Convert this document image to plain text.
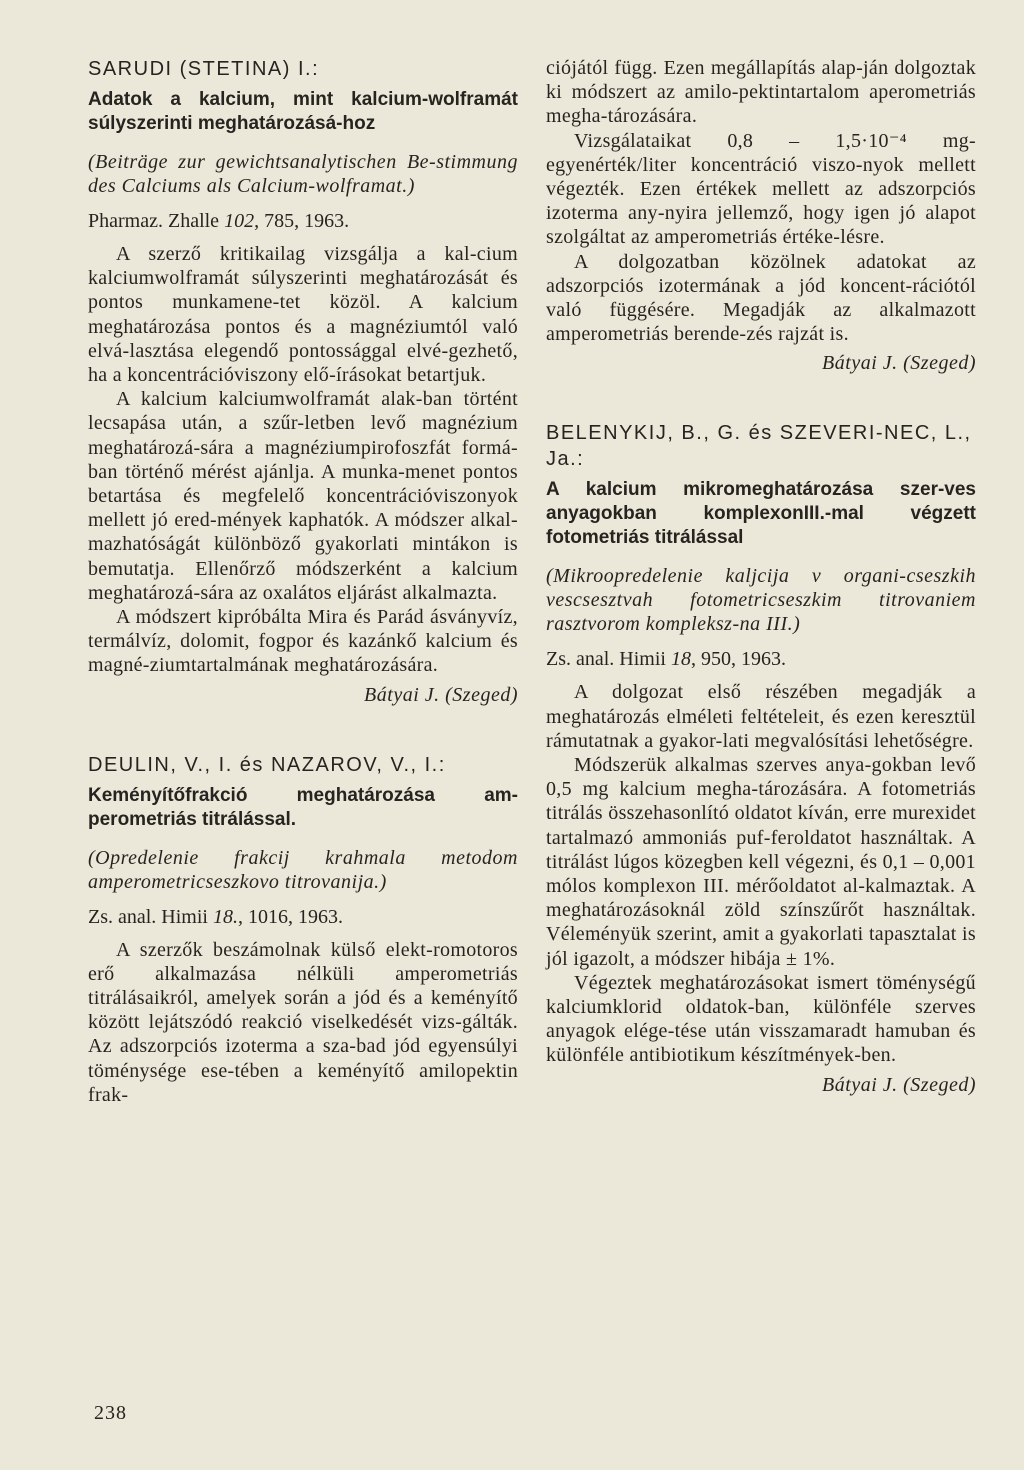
SARUDI (STETINA) I.:
Adatok a kalcium, mint kalcium-wolframát súlyszerinti meghatározásá-hoz
(Beiträge zur gewichtsanalytischen Be-stimmung des Calciums als Calcium-wolframat.)
Pharmaz. Zhalle 102, 785, 1963.

A szerző kritikailag vizsgálja a kal-cium kalciumwolframát súlyszerinti meghatározását és pontos munkamene-tet közöl. A kalcium meghatározása pontos és a magnéziumtól való elvá-lasztása elegendő pontossággal elvé-gezhető, ha a koncentrációviszony elő-írásokat betartjuk.

A kalcium kalciumwolframát alak-ban történt lecsapása után, a szűr-letben levő magnézium meghatározá-sára a magnéziumpirofoszfát formá-ban történő mérést ajánlja. A munka-menet pontos betartása és megfelelő koncentrációviszonyok mellett jó ered-mények kaphatók. A módszer alkal-mazhatóságát különböző gyakorlati mintákon is bemutatja. Ellenőrző módszerként a kalcium meghatározá-sára az oxalátos eljárást alkalmazta.

A módszert kipróbálta Mira és Parád ásványvíz, termálvíz, dolomit, fogpor és kazánkő kalcium és magné-ziumtartalmának meghatározására.

Bátyai J. (Szeged)
DEULIN, V., I. és NAZAROV, V., I.:
Keményítőfrakció meghatározása am-perometriás titrálással.
(Opredelenie frakcij krahmala metodom amperometricseszkovo titrovanija.)
Zs. anal. Himii 18., 1016, 1963.

A szerzők beszámolnak külső elekt-romotoros erő alkalmazása nélküli amperometriás titrálásaikról, amelyek során a jód és a keményítő között lejátszódó reakció viselkedését vizs-gálták. Az adszorpciós izoterma a sza-bad jód egyensúlyi töménysége ese-tében a keményítő amilopektin frak-

ciójától függ. Ezen megállapítás alap-ján dolgoztak ki módszert az amilo-pektintartalom aperometriás megha-tározására.

Vizsgálataikat 0,8 – 1,5·10⁻⁴ mg-egyenérték/liter koncentráció viszo-nyok mellett végezték. Ezen értékek mellett az adszorpciós izoterma any-nyira jellemző, hogy igen jó alapot szolgáltat az amperometriás értéke-lésre.

A dolgozatban közölnek adatokat az adszorpciós izotermának a jód koncent-rációtól való függésére. Megadják az alkalmazott amperometriás berende-zés rajzát is.

Bátyai J. (Szeged)
BELENYKIJ, B., G. és SZEVERI-NEC, L., Ja.:
A kalcium mikromeghatározása szer-ves anyagokban komplexonIII.-mal végzett fotometriás titrálással
(Mikroopredelenie kaljcija v organi-cseszkih vescsesztvah fotometricseszkim titrovaniem rasztvorom kompleksz-na III.)
Zs. anal. Himii 18, 950, 1963.

A dolgozat első részében megadják a meghatározás elméleti feltételeit, és ezen keresztül rámutatnak a gyakor-lati megvalósítási lehetőségre.

Módszerük alkalmas szerves anya-gokban levő 0,5 mg kalcium megha-tározására. A fotometriás titrálás összehasonlító oldatot kíván, erre murexidet tartalmazó ammoniás puf-feroldatot használtak. A titrálást lúgos közegben kell végezni, és 0,1 – 0,001 mólos komplexon III. mérőoldatot al-kalmaztak. A meghatározásoknál zöld színszűrőt használtak. Véleményük szerint, amit a gyakorlati tapasztalat is jól igazolt, a módszer hibája ± 1%.

Végeztek meghatározásokat ismert töménységű kalciumklorid oldatok-ban, különféle szerves anyagok elége-tése után visszamaradt hamuban és különféle antibiotikum készítmények-ben.

Bátyai J. (Szeged)
238
